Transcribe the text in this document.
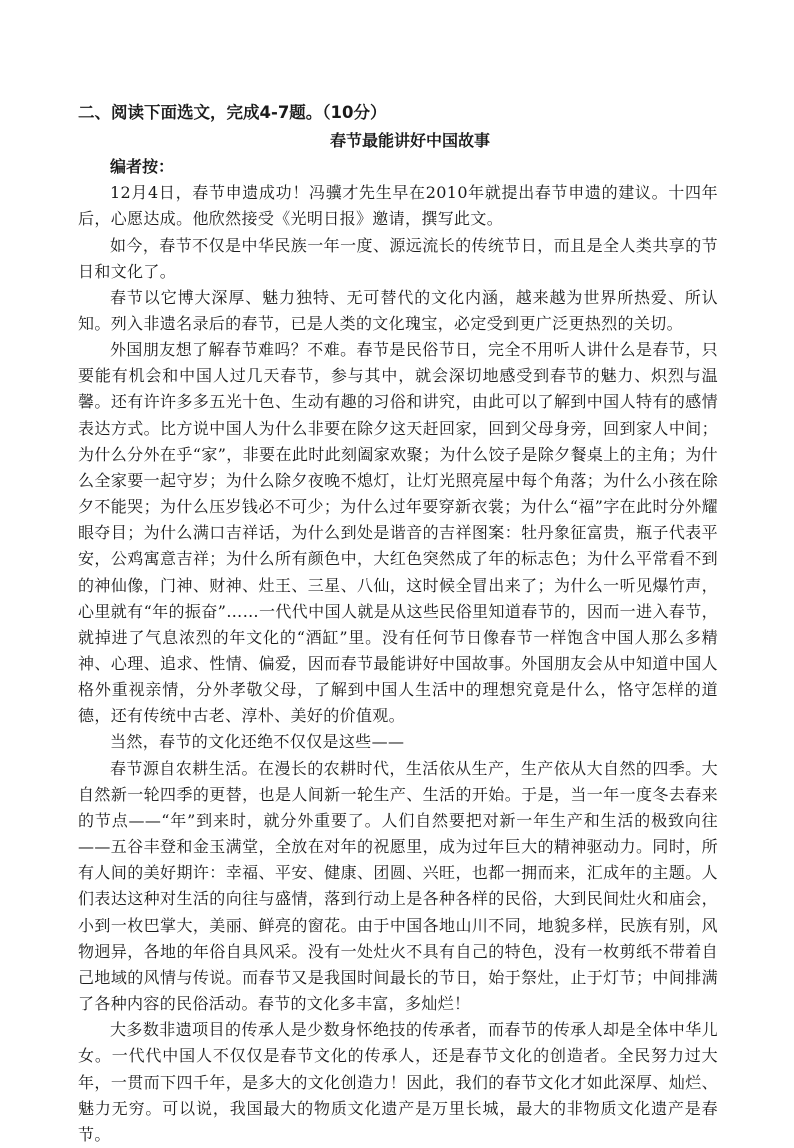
二、阅读下面选文，完成4-7题。（10分）
春节最能讲好中国故事
编者按：

12月4日，春节申遗成功！冯骥才先生早在2010年就提出春节申遗的建议。十四年后，心愿达成。他欣然接受《光明日报》邀请，撰写此文。

如今，春节不仅是中华民族一年一度、源远流长的传统节日，而且是全人类共享的节日和文化了。

春节以它博大深厚、魅力独特、无可替代的文化内涵，越来越为世界所热爱、所认知。列入非遗名录后的春节，已是人类的文化瑰宝，必定受到更广泛更热烈的关切。

外国朋友想了解春节难吗？不难。春节是民俗节日，完全不用听人讲什么是春节，只要能有机会和中国人过几天春节，参与其中，就会深切地感受到春节的魅力、炽烈与温馨。还有许许多多五光十色、生动有趣的习俗和讲究，由此可以了解到中国人特有的感情表达方式。比方说中国人为什么非要在除夕这天赶回家，回到父母身旁，回到家人中间；为什么分外在乎“家”，非要在此时此刻阖家欢聚；为什么饺子是除夕餐桌上的主角；为什么全家要一起守岁；为什么除夕夜晚不熄灯，让灯光照亮屋中每个角落；为什么小孩在除夕不能哭；为什么压岁钱必不可少；为什么过年要穿新衣裳；为什么“福”字在此时分外耀眼夺目；为什么满口吉祥话，为什么到处是谐音的吉祥图案：牡丹象征富贵，瓶子代表平安，公鸡寓意吉祥；为什么所有颜色中，大红色突然成了年的标志色；为什么平常看不到的神仙像，门神、财神、灶王、三星、八仙，这时候全冒出来了；为什么一听见爆竹声，心里就有“年的振奋”……一代代中国人就是从这些民俗里知道春节的，因而一进入春节，就掉进了气息浓烈的年文化的“酒缸”里。没有任何节日像春节一样饱含中国人那么多精神、心理、追求、性情、偏爱，因而春节最能讲好中国故事。外国朋友会从中知道中国人格外重视亲情，分外孝敬父母，了解到中国人生活中的理想究竟是什么，恪守怎样的道德，还有传统中古老、淳朴、美好的价值观。

当然，春节的文化还绝不仅仅是这些——

春节源自农耕生活。在漫长的农耕时代，生活依从生产，生产依从大自然的四季。大自然新一轮四季的更替，也是人间新一轮生产、生活的开始。于是，当一年一度冬去春来的节点——“年”到来时，就分外重要了。人们自然要把对新一年生产和生活的极致向往——五谷丰登和金玉满堂，全放在对年的祝愿里，成为过年巨大的精神驱动力。同时，所有人间的美好期许：幸福、平安、健康、团圆、兴旺，也都一拥而来，汇成年的主题。人们表达这种对生活的向往与盛情，落到行动上是各种各样的民俗，大到民间灶火和庙会，小到一枚巴掌大，美丽、鲜亮的窗花。由于中国各地山川不同，地貌多样，民族有别，风物迥异，各地的年俗自具风采。没有一处灶火不具有自己的特色，没有一枚剪纸不带着自己地域的风情与传说。而春节又是我国时间最长的节日，始于祭灶，止于灯节；中间排满了各种内容的民俗活动。春节的文化多丰富，多灿烂！

大多数非遗项目的传承人是少数身怀绝技的传承者，而春节的传承人却是全体中华儿女。一代代中国人不仅仅是春节文化的传承人，还是春节文化的创造者。全民努力过大年，一贯而下四千年，是多大的文化创造力！因此，我们的春节文化才如此深厚、灿烂、魅力无穷。可以说，我国最大的物质文化遗产是万里长城，最大的非物质文化遗产是春节。
